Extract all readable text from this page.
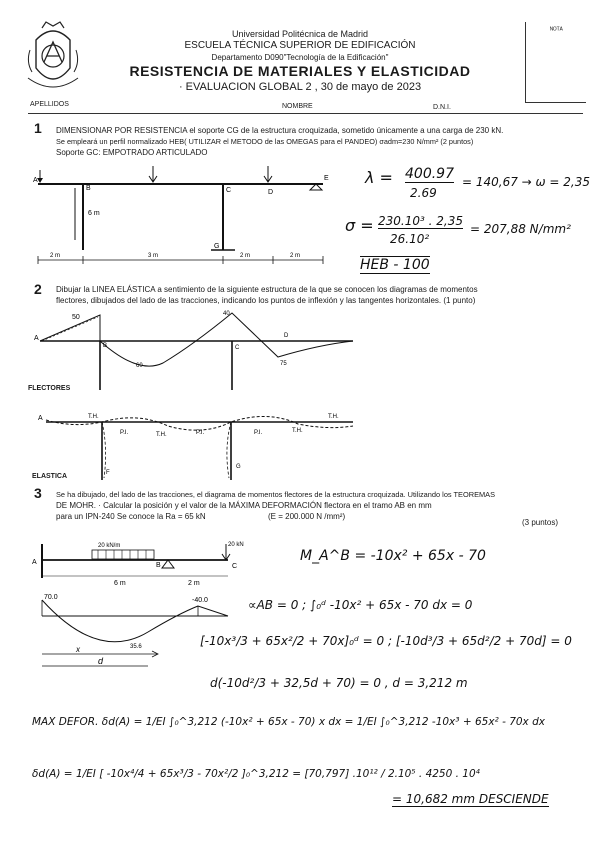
Universidad Politécnica de Madrid
ESCUELA TÉCNICA SUPERIOR DE EDIFICACIÓN
Departamento D090"Tecnología de la Edificación"
RESISTENCIA DE MATERIALES Y ELASTICIDAD
· EVALUACION GLOBAL 2 , 30 de mayo de 2023
ᴺᴼᵀᴬ
APELLIDOS	NOMBRE	D.N.I.
1 DIMENSIONAR POR RESISTENCIA el soporte CG de la estructura croquizada, sometido únicamente a una carga de 230 kN.
Se empleará un perfil normalizado HEB( UTILIZAR el METODO de las OMEGAS para el PANDEO) σadm=230 N/mm² (2 puntos)
Soporte GC: EMPOTRADO ARTICULADO
A
B	C	D
E
G
6 m
2 m	3 m	2 m	2 m
λ = 400.97
2.69
= 140,67 → ω = 2,35
σ = 230.10³ . 2,35
26.10²
= 207,88 N/mm²
HEB - 100
2 Dibujar la LINEA ELÁSTICA a sentimiento de la siguiente estructura de la que se conocen los diagramas de momentos
flectores, dibujados del lado de las tracciones, indicando los puntos de inflexión y las tangentes horizontales. (1 punto)
50
60
40
75
A
B	C
D
FLECTORES
T.H.
P.I.	T.H.	P.I.	P.I.	T.H.
T.H.
A
G
F
ELASTICA
3 Se ha dibujado, del lado de las tracciones, el diagrama de momentos flectores de la estructura croquizada. Utilizando los TEOREMAS
DE MOHR. · Calcular la posición y el valor de la MÁXIMA DEFORMACIÓN flectora en el tramo AB en mm
para un IPN-240 Se conoce la Ra = 65 kN	(E = 200.000 N /mm²)
(3 puntos)
20 kN/m	20 kN
6 m	2 m
A	B	C
70.0	-40.0
35.6
x
d
M_A^B = -10x² + 65x - 70
∝AB = 0 ; ∫₀ᵈ -10x² + 65x - 70 dx = 0
[-10x³/3 + 65x²/2 + 70x]₀ᵈ = 0 ; [-10d³/3 + 65d²/2 + 70d] = 0
d(-10d²/3 + 32,5d + 70) = 0 , d = 3,212 m
MAX DEFOR. δd(A) = 1/EI ∫₀^3,212 (-10x² + 65x - 70) x dx = 1/EI ∫₀^3,212 -10x³ + 65x² - 70x dx
δd(A) = 1/EI [ -10x⁴/4 + 65x³/3 - 70x²/2 ]₀^3,212 = [70,797] .10¹² / 2.10⁵ . 4250 . 10⁴
= 10,682 mm DESCIENDE
